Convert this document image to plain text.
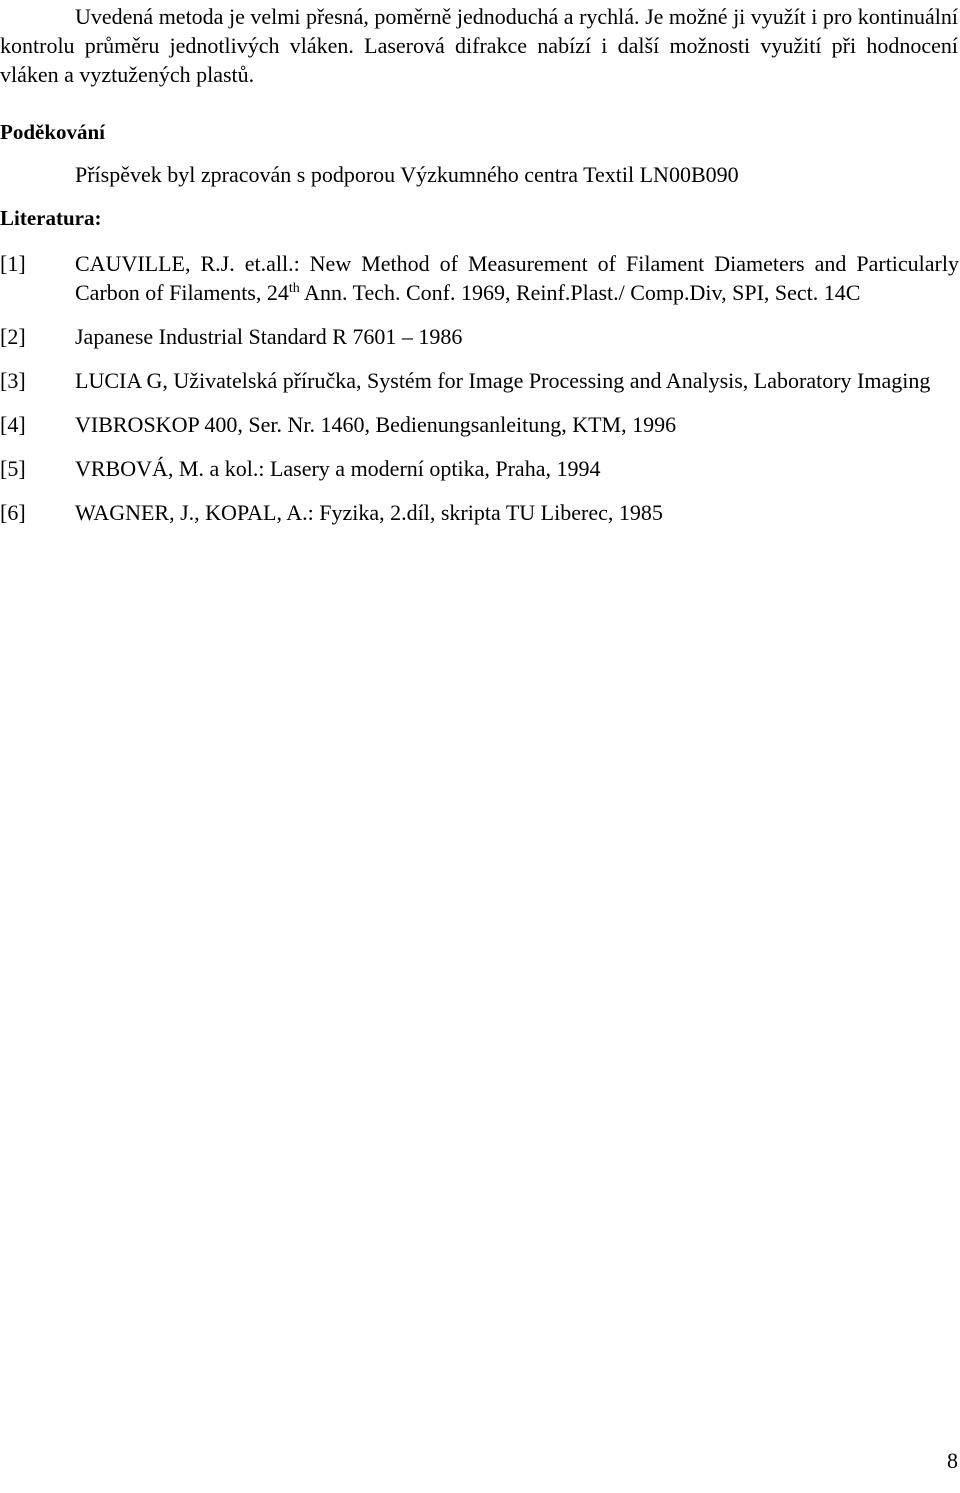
Uvedená metoda je velmi přesná, poměrně jednoduchá a rychlá. Je možné ji využít i pro kontinuální kontrolu průměru jednotlivých vláken. Laserová difrakce nabízí i další možnosti využití při hodnocení vláken a vyztužených plastů.

Poděkování

Příspěvek byl zpracován s podporou Výzkumného centra Textil LN00B090

Literatura:
[1]	CAUVILLE, R.J. et.all.: New Method of Measurement of Filament Diameters and Particularly Carbon of Filaments, 24th Ann. Tech. Conf. 1969, Reinf.Plast./ Comp.Div, SPI, Sect. 14C
[2]	Japanese Industrial Standard R 7601 – 1986
[3]	LUCIA G, Uživatelská příručka, Systém for Image Processing and Analysis, Laboratory Imaging
[4]	VIBROSKOP 400, Ser. Nr. 1460, Bedienungsanleitung, KTM, 1996
[5]	VRBOVÁ, M. a kol.: Lasery a moderní optika, Praha, 1994
[6]	WAGNER, J., KOPAL, A.: Fyzika, 2.díl, skripta TU Liberec, 1985
8
